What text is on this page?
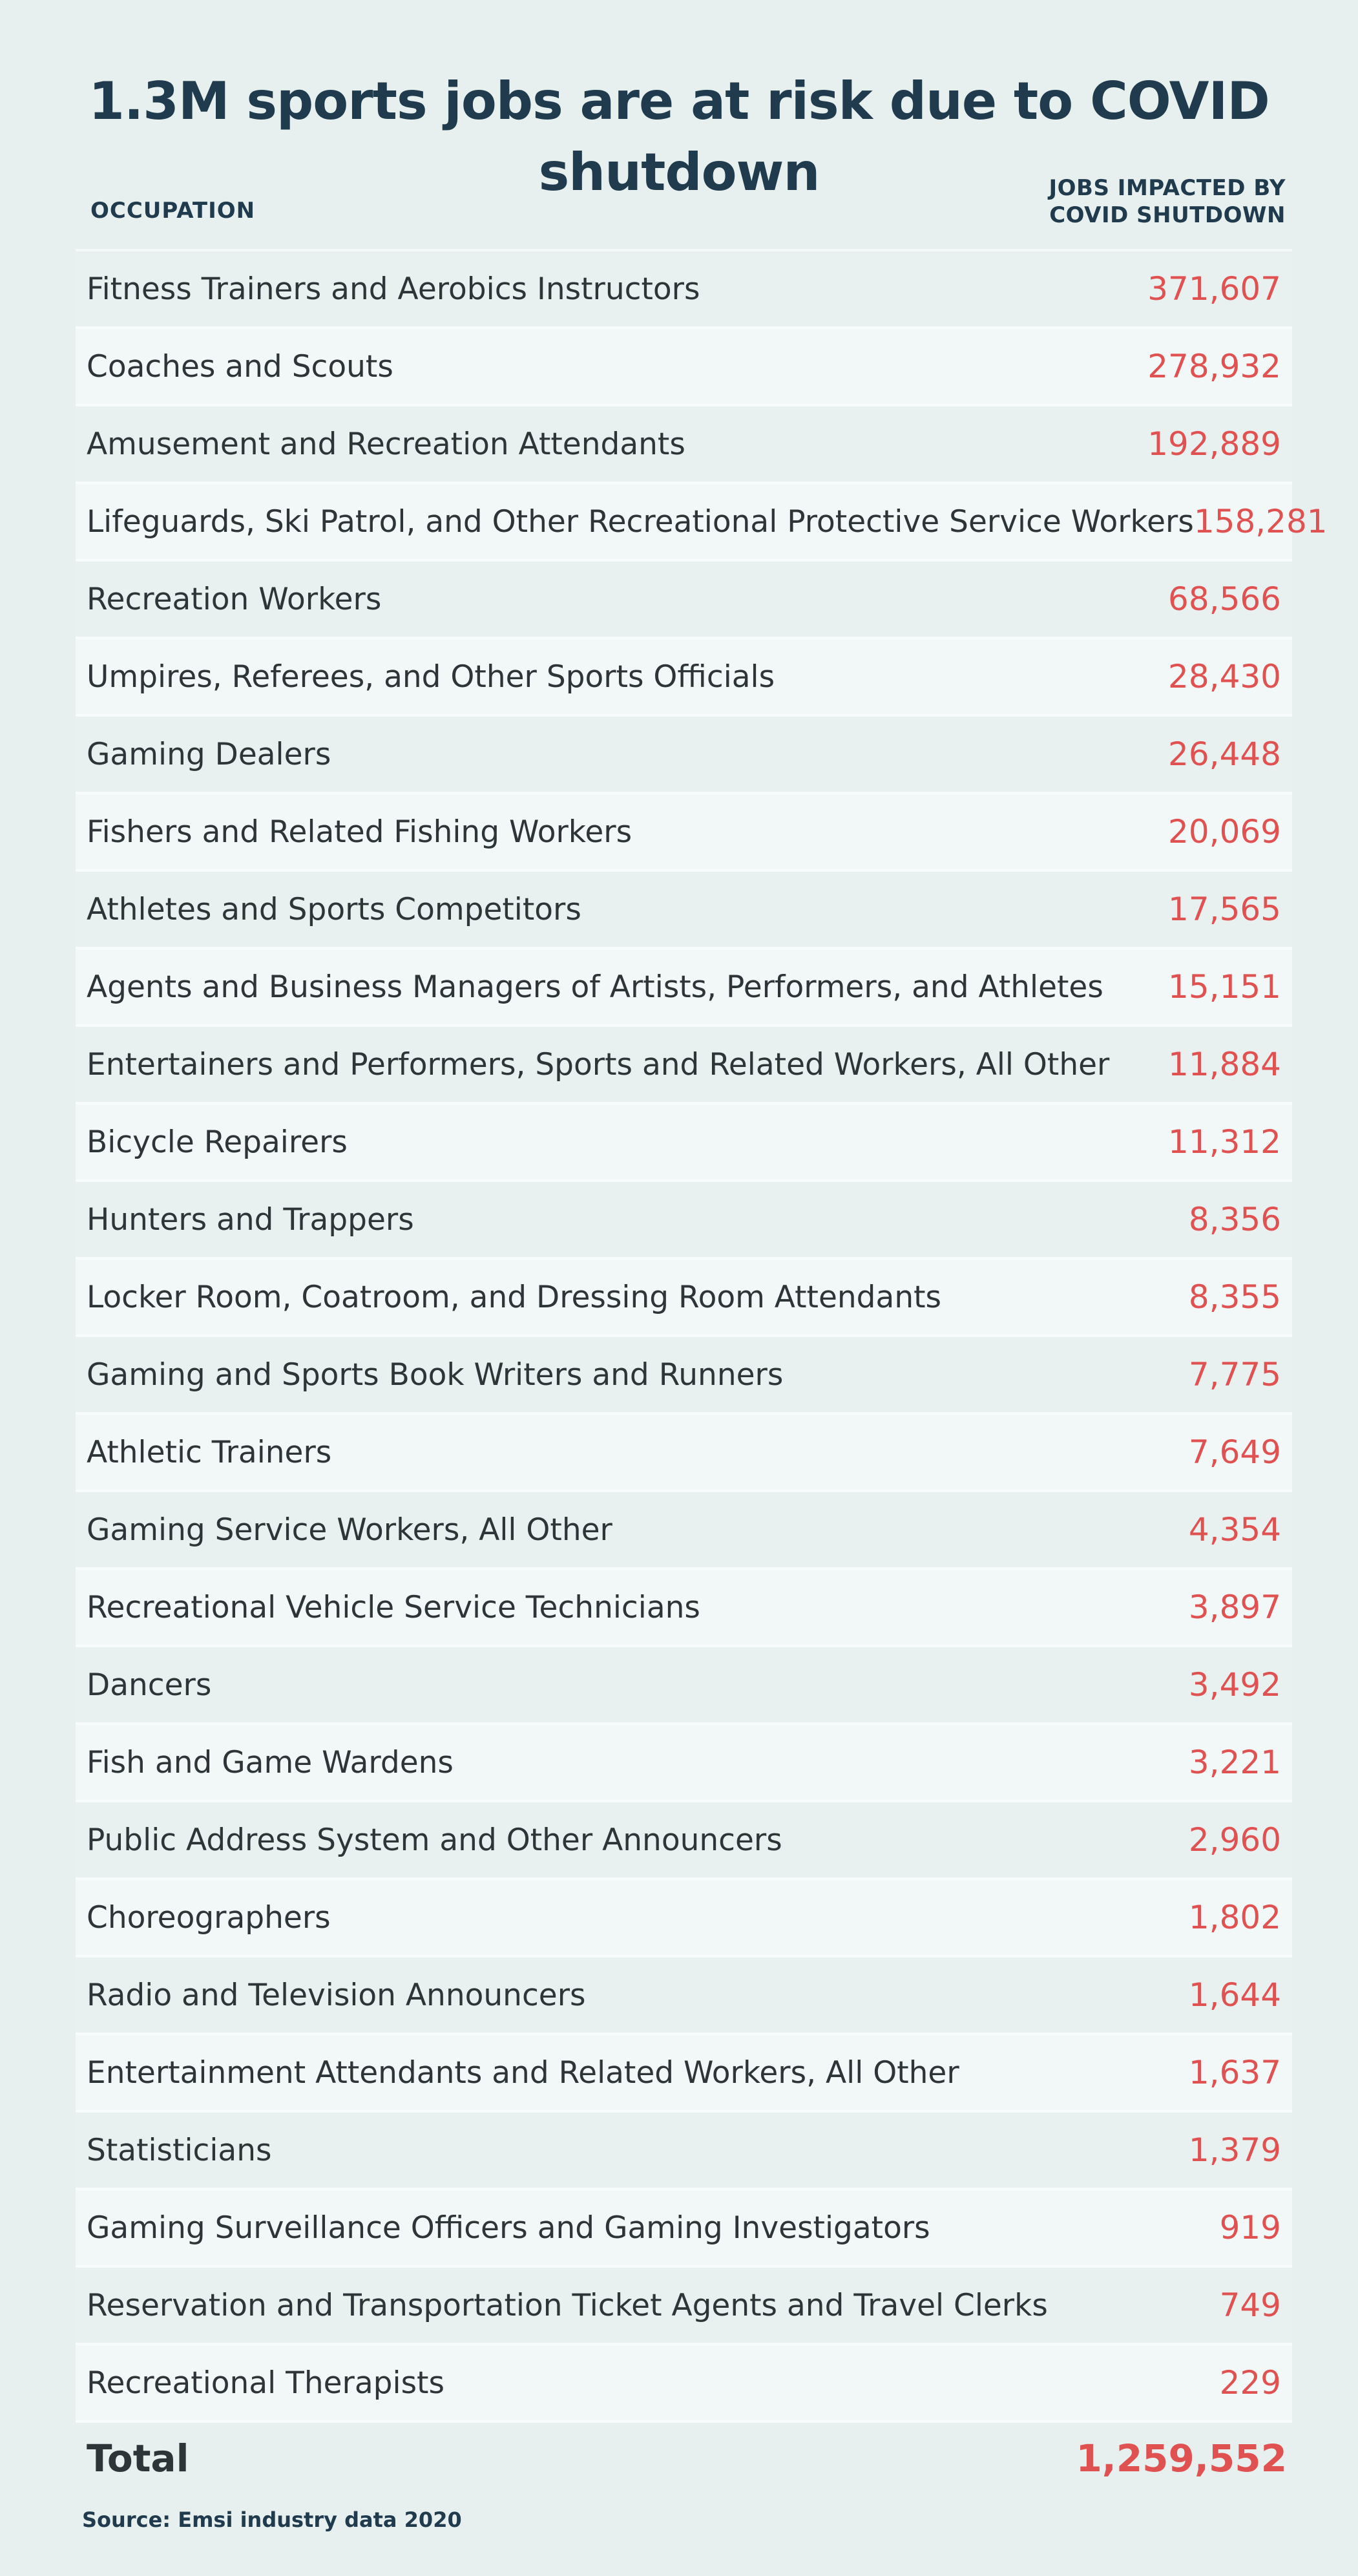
1.3M sports jobs are at risk due to COVID shutdown
OCCUPATION
JOBS IMPACTED BY
COVID SHUTDOWN
Fitness Trainers and Aerobics Instructors	371,607
Coaches and Scouts	278,932
Amusement and Recreation Attendants	192,889
Lifeguards, Ski Patrol, and Other Recreational Protective Service Workers 158,281
Recreation Workers	68,566
Umpires, Referees, and Other Sports Officials	28,430
Gaming Dealers	26,448
Fishers and Related Fishing Workers	20,069
Athletes and Sports Competitors	17,565
Agents and Business Managers of Artists, Performers, and Athletes 15,151
Entertainers and Performers, Sports and Related Workers, All Other 11,884
Bicycle Repairers	11,312
Hunters and Trappers	8,356
Locker Room, Coatroom, and Dressing Room Attendants	8,355
Gaming and Sports Book Writers and Runners	7,775
Athletic Trainers	7,649
Gaming Service Workers, All Other	4,354
Recreational Vehicle Service Technicians	3,897
Dancers	3,492
Fish and Game Wardens	3,221
Public Address System and Other Announcers	2,960
Choreographers	1,802
Radio and Television Announcers	1,644
Entertainment Attendants and Related Workers, All Other	1,637
Statisticians	1,379
Gaming Surveillance Officers and Gaming Investigators	919
Reservation and Transportation Ticket Agents and Travel Clerks	749
Recreational Therapists	229
Total	1,259,552
Source: Emsi industry data 2020
